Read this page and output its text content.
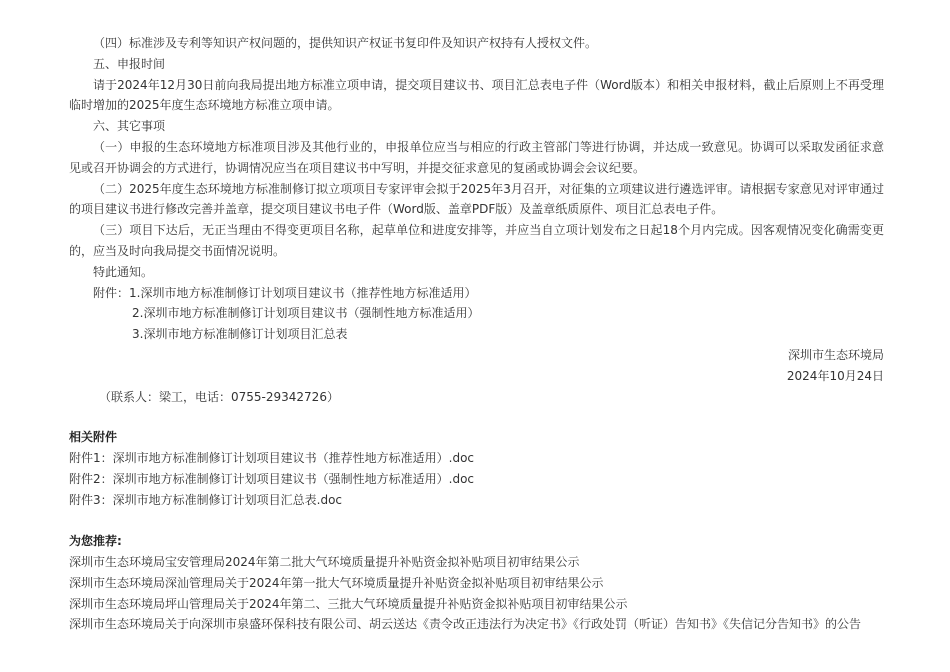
（四）标准涉及专利等知识产权问题的，提供知识产权证书复印件及知识产权持有人授权文件。

五、申报时间

请于2024年12月30日前向我局提出地方标准立项申请，提交项目建议书、项目汇总表电子件（Word版本）和相关申报材料，截止后原则上不再受理临时增加的2025年度生态环境地方标准立项申请。

六、其它事项

（一）申报的生态环境地方标准项目涉及其他行业的，申报单位应当与相应的行政主管部门等进行协调，并达成一致意见。协调可以采取发函征求意见或召开协调会的方式进行，协调情况应当在项目建议书中写明，并提交征求意见的复函或协调会会议纪要。

（二）2025年度生态环境地方标准制修订拟立项项目专家评审会拟于2025年3月召开，对征集的立项建议进行遴选评审。请根据专家意见对评审通过的项目建议书进行修改完善并盖章，提交项目建议书电子件（Word版、盖章PDF版）及盖章纸质原件、项目汇总表电子件。

（三）项目下达后，无正当理由不得变更项目名称，起草单位和进度安排等，并应当自立项计划发布之日起18个月内完成。因客观情况变化确需变更的，应当及时向我局提交书面情况说明。

特此通知。

附件：1.深圳市地方标准制修订计划项目建议书（推荐性地方标准适用）

2.深圳市地方标准制修订计划项目建议书（强制性地方标准适用）

3.深圳市地方标准制修订计划项目汇总表

深圳市生态环境局

2024年10月24日

（联系人：梁工，电话：0755-29342726）

相关附件

附件1：深圳市地方标准制修订计划项目建议书（推荐性地方标准适用）.doc
附件2：深圳市地方标准制修订计划项目建议书（强制性地方标准适用）.doc
附件3：深圳市地方标准制修订计划项目汇总表.doc

为您推荐:

深圳市生态环境局宝安管理局2024年第二批大气环境质量提升补贴资金拟补贴项目初审结果公示
深圳市生态环境局深汕管理局关于2024年第一批大气环境质量提升补贴资金拟补贴项目初审结果公示
深圳市生态环境局坪山管理局关于2024年第二、三批大气环境质量提升补贴资金拟补贴项目初审结果公示
深圳市生态环境局关于向深圳市泉盛环保科技有限公司、胡云送达《责令改正违法行为决定书》《行政处罚（听证）告知书》《失信记分告知书》的公告
